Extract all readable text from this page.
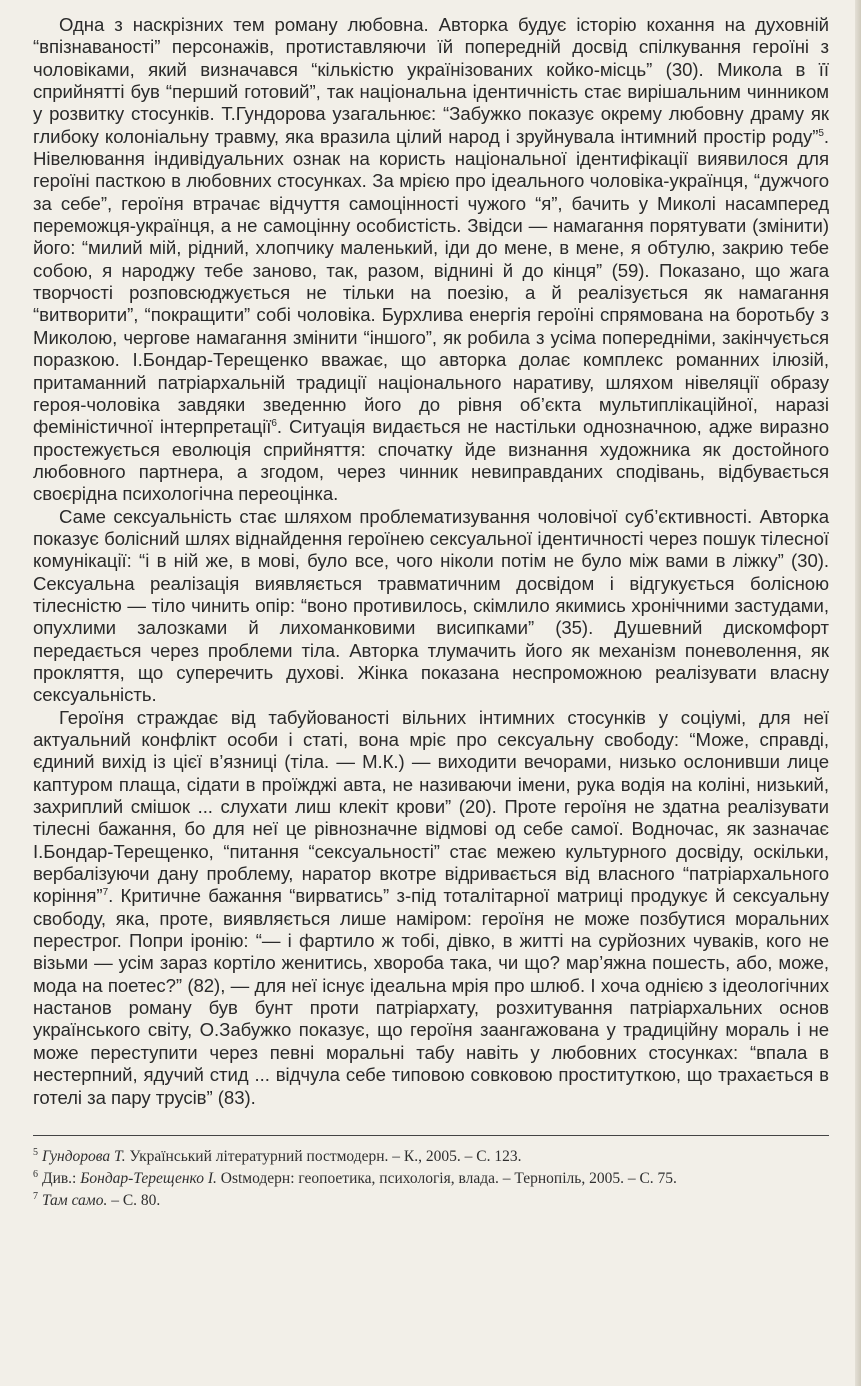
Одна з наскрізних тем роману любовна. Авторка будує історію кохання на духовній “впізнаваності” персонажів, протиставляючи їй попередній досвід спілкування героїні з чоловіками, який визначався “кількістю українізованих койко-місць” (30). Микола в її сприйнятті був “перший готовий”, так національна ідентичність стає вирішальним чинником у розвитку стосунків. Т.Гундорова узагальнює: “Забужко показує окрему любовну драму як глибоку колоніальну травму, яка вразила цілий народ і зруйнувала інтимний простір роду”$^5$. Нівелювання індивідуальних ознак на користь національної ідентифікації виявилося для героїні пасткою в любовних стосунках. За мрією про ідеального чоловіка-українця, “дужчого за себе”, героїня втрачає відчуття самоцінності чужого “я”, бачить у Миколі насамперед переможця-українця, а не самоцінну особистість. Звідси — намагання порятувати (змінити) його: “милий мій, рідний, хлопчику маленький, іди до мене, в мене, я обтулю, закрию тебе собою, я народжу тебе заново, так, разом, віднині й до кінця” (59). Показано, що жага творчості розповсюджується не тільки на поезію, а й реалізується як намагання “витворити”, “покращити” собі чоловіка. Бурхлива енергія героїні спрямована на боротьбу з Миколою, чергове намагання змінити “іншого”, як робила з усіма попередніми, закінчується поразкою. І.Бондар-Терещенко вважає, що авторка долає комплекс романних ілюзій, притаманний патріархальній традиції національного наративу, шляхом нівеляції образу героя-чоловіка завдяки зведенню його до рівня об’єкта мультиплікаційної, наразі феміністичної інтерпретації$^6$. Ситуація видається не настільки однозначною, адже виразно простежується еволюція сприйняття: спочатку йде визнання художника як достойного любовного партнера, а згодом, через чинник невиправданих сподівань, відбувається своєрідна психологічна переоцінка.

Саме сексуальність стає шляхом проблематизування чоловічої суб’єктивності. Авторка показує болісний шлях віднайдення героїнею сексуальної ідентичності через пошук тілесної комунікації: “і в ній же, в мові, було все, чого ніколи потім не було між вами в ліжку” (30). Сексуальна реалізація виявляється травматичним досвідом і відгукується болісною тілесністю — тіло чинить опір: “воно противилось, скімлило якимись хронічними застудами, опухлими залозками й лихоманковими висипками” (35). Душевний дискомфорт передається через проблеми тіла. Авторка тлумачить його як механізм поневолення, як прокляття, що суперечить духові. Жінка показана неспроможною реалізувати власну сексуальність.

Героїня страждає від табуйованості вільних інтимних стосунків у соціумі, для неї актуальний конфлікт особи і статі, вона мріє про сексуальну свободу: “Може, справді, єдиний вихід із цієї в’язниці (тіла. — М.К.) — виходити вечорами, низько ослонивши лице каптуром плаща, сідати в проїжджі авта, не називаючи імени, рука водія на коліні, низький, захриплий смішок ... слухати лиш клекіт крови” (20). Проте героїня не здатна реалізувати тілесні бажання, бо для неї це рівнозначне відмові од себе самої. Водночас, як зазначає І.Бондар-Терещенко, “питання “сексуальності” стає межею культурного досвіду, оскільки, вербалізуючи дану проблему, наратор вкотре відривається від власного “патріархального коріння”$^7$. Критичне бажання “вирватись” з-під тоталітарної матриці продукує й сексуальну свободу, яка, проте, виявляється лише наміром: героїня не може позбутися моральних перестрог. Попри іронію: “— і фартило ж тобі, дівко, в житті на сурйозних чуваків, кого не візьми — усім зараз кортіло женитись, хвороба така, чи що? мар’яжна пошесть, або, може, мода на поетес?” (82), — для неї існує ідеальна мрія про шлюб. І хоча однією з ідеологічних настанов роману був бунт проти патріархату, розхитування патріархальних основ українського світу, О.Забужко показує, що героїня заангажована у традиційну мораль і не може переступити через певні моральні табу навіть у любовних стосунках: “впала в нестерпний, ядучий стид ... відчула себе типовою совковою проституткою, що трахається в готелі за пару трусів” (83).

$^5$ Гундорова Т. Український літературний постмодерн. – К., 2005. – С. 123.

$^6$ Див.: Бондар-Терещенко І. Ostмодерн: геопоетика, психологія, влада. – Тернопіль, 2005. – С. 75.

$^7$ Там само. – С. 80.
